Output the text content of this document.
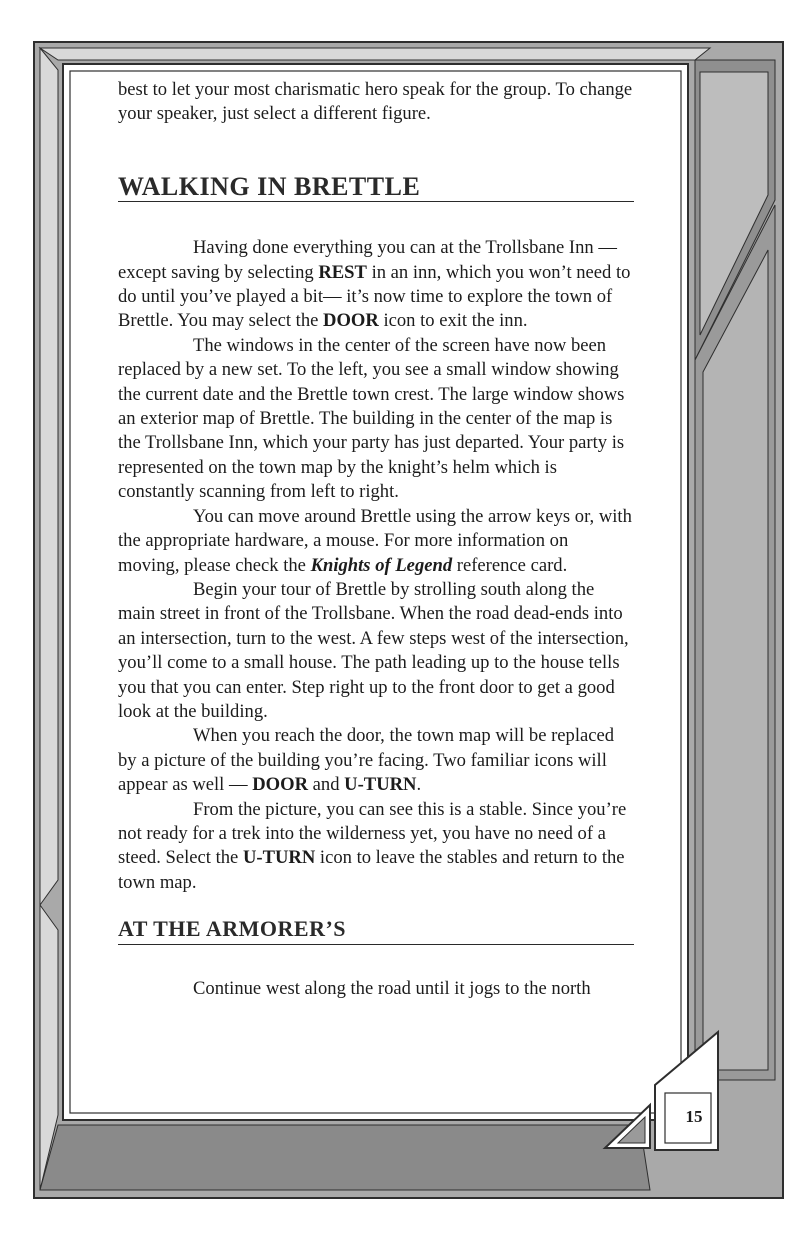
best to let your most charismatic hero speak for the group. To change your speaker, just select a different figure.

WALKING IN BRETTLE

Having done everything you can at the Trollsbane Inn — except saving by selecting REST in an inn, which you won’t need to do until you’ve played a bit— it’s now time to explore the town of Brettle. You may select the DOOR icon to exit the inn.

The windows in the center of the screen have now been replaced by a new set. To the left, you see a small window showing the current date and the Brettle town crest. The large window shows an exterior map of Brettle. The building in the center of the map is the Trollsbane Inn, which your party has just departed. Your party is represented on the town map by the knight’s helm which is constantly scanning from left to right.

You can move around Brettle using the arrow keys or, with the appropriate hardware, a mouse. For more information on moving, please check the Knights of Legend reference card.

Begin your tour of Brettle by strolling south along the main street in front of the Trollsbane. When the road dead-ends into an intersection, turn to the west. A few steps west of the intersection, you’ll come to a small house. The path leading up to the house tells you that you can enter. Step right up to the front door to get a good look at the building.

When you reach the door, the town map will be replaced by a picture of the building you’re facing. Two familiar icons will appear as well — DOOR and U-TURN.

From the picture, you can see this is a stable. Since you’re not ready for a trek into the wilderness yet, you have no need of a steed. Select the U-TURN icon to leave the stables and return to the town map.

AT THE ARMORER’S

Continue west along the road until it jogs to the north

15
